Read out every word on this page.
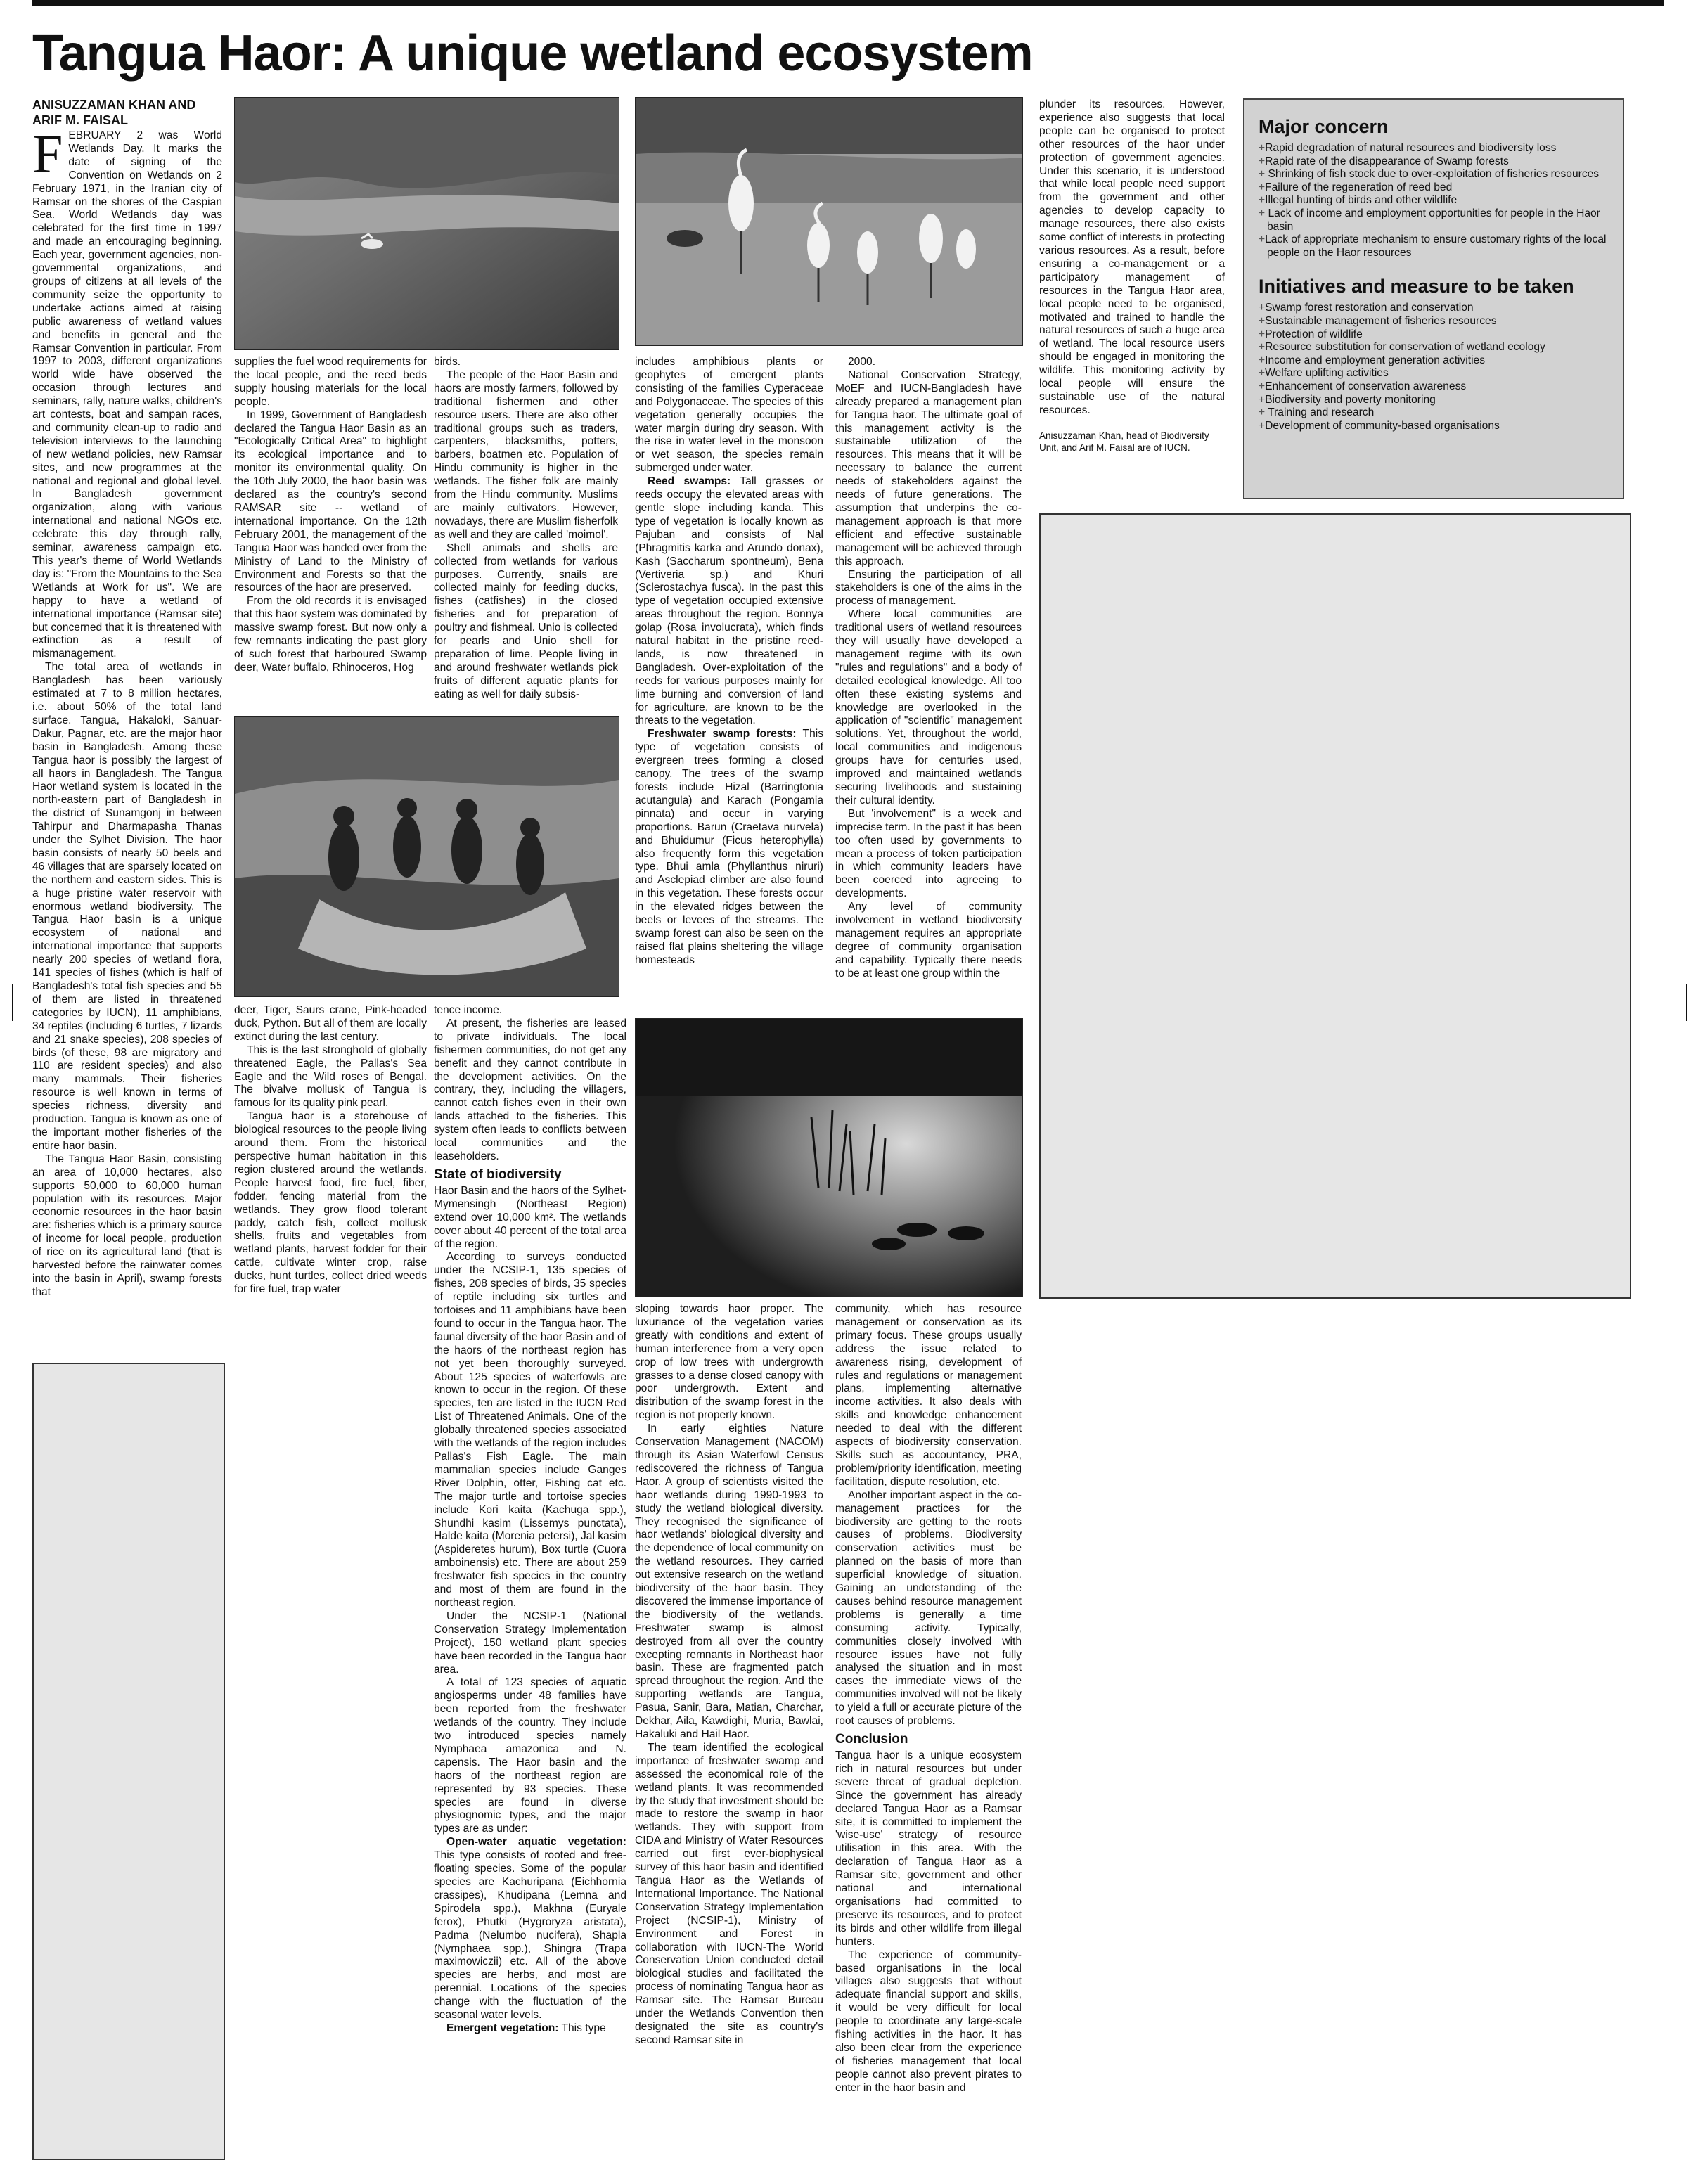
Tangua Haor: A unique wetland ecosystem
ANISUZZAMAN KHAN AND ARIF M. FAISAL	Major concern
+Rapid degradation of natural resources and biodiversity loss
+Rapid rate of the disappearance of Swamp forests
+ Shrinking of fish stock due to over-exploitation of fisheries resources
+Failure of the regeneration of reed bed
+Illegal hunting of birds and other wildlife
+ Lack of income and employment opportunities for people in the Haor basin
+Lack of appropriate mechanism to ensure customary rights of the local people on the Haor resources
Initiatives and measure to be taken
+Swamp forest restoration and conservation
+Sustainable management of fisheries resources
+Protection of wildlife
+Resource substitution for conservation of wetland ecology
+Income and employment generation activities
+Welfare uplifting activities
+Enhancement of conservation awareness
+Biodiversity and poverty monitoring
+ Training and research
+Development of community-based organisations

FEBRUARY 2 was World Wetlands Day. It marks the date of signing of the Convention on Wetlands on 2 February 1971, in the Iranian city of Ramsar on the shores of the Caspian Sea. World Wetlands day was celebrated for the first time in 1997 and made an encouraging beginning. Each year, government agencies, non-governmental organizations, and groups of citizens at all levels of the community seize the opportunity to undertake actions aimed at raising public awareness of wetland values and benefits in general and the Ramsar Convention in particular. From 1997 to 2003, different organizations world wide have observed the occasion through lectures and seminars, rally, nature walks, children's art contests, boat and sampan races, and community clean-up to radio and television interviews to the launching of new wetland policies, new Ramsar sites, and new programmes at the national and regional and global level. In Bangladesh government organization, along with various international and national NGOs etc. celebrate this day through rally, seminar, awareness campaign etc. This year's theme of World Wetlands day is: "From the Mountains to the Sea Wetlands at Work for us". We are happy to have a wetland of international importance (Ramsar site) but concerned that it is threatened with extinction as a result of mismanagement.

The total area of wetlands in Bangladesh has been variously estimated at 7 to 8 million hectares, i.e. about 50% of the total land surface. Tangua, Hakaloki, Sanuar-Dakur, Pagnar, etc. are the major haor basin in Bangladesh. Among these Tangua haor is possibly the largest of all haors in Bangladesh. The Tangua Haor wetland system is located in the north-eastern part of Bangladesh in the district of Sunamgonj in between Tahirpur and Dharmapasha Thanas under the Sylhet Division. The haor basin consists of nearly 50 beels and 46 villages that are sparsely located on the northern and eastern sides. This is a huge pristine water reservoir with enormous wetland biodiversity. The Tangua Haor basin is a unique ecosystem of national and international importance that supports nearly 200 species of wetland flora, 141 species of fishes (which is half of Bangladesh's total fish species and 55 of them are listed in threatened categories by IUCN), 11 amphibians, 34 reptiles (including 6 turtles, 7 lizards and 21 snake species), 208 species of birds (of these, 98 are migratory and 110 are resident species) and also many mammals. Their fisheries resource is well known in terms of species richness, diversity and production. Tangua is known as one of the important mother fisheries of the entire haor basin.

The Tangua Haor Basin, consisting an area of 10,000 hectares, also supports 50,000 to 60,000 human population with its resources. Major economic resources in the haor basin are: fisheries which is a primary source of income for local people, production of rice on its agricultural land (that is harvested before the rainwater comes into the basin in April), swamp forests that

supplies the fuel wood requirements for the local people, and the reed beds supply housing materials for the local people.

In 1999, Government of Bangladesh declared the Tangua Haor Basin as an "Ecologically Critical Area" to highlight its ecological importance and to monitor its environmental quality. On the 10th July 2000, the haor basin was declared as the country's second RAMSAR site -- wetland of international importance. On the 12th February 2001, the management of the Tangua Haor was handed over from the Ministry of Land to the Ministry of Environment and Forests so that the resources of the haor are preserved.

From the old records it is envisaged that this haor system was dominated by massive swamp forest. But now only a few remnants indicating the past glory of such forest that harboured Swamp deer, Water buffalo, Rhinoceros, Hog

deer, Tiger, Saurs crane, Pink-headed duck, Python. But all of them are locally extinct during the last century.

This is the last stronghold of globally threatened Eagle, the Pallas's Sea Eagle and the Wild roses of Bengal. The bivalve mollusk of Tangua is famous for its quality pink pearl.

Tangua haor is a storehouse of biological resources to the people living around them. From the historical perspective human habitation in this region clustered around the wetlands. People harvest food, fire fuel, fiber, fodder, fencing material from the wetlands. They grow flood tolerant paddy, catch fish, collect mollusk shells, fruits and vegetables from wetland plants, harvest fodder for their cattle, cultivate winter crop, raise ducks, hunt turtles, collect dried weeds for fire fuel, trap water

birds.

The people of the Haor Basin and haors are mostly farmers, followed by traditional fishermen and other resource users. There are also other traditional groups such as traders, carpenters, blacksmiths, potters, barbers, boatmen etc. Population of Hindu community is higher in the wetlands. The fisher folk are mainly from the Hindu community. Muslims are mainly cultivators. However, nowadays, there are Muslim fisherfolk as well and they are called 'moimol'.

Shell animals and shells are collected from wetlands for various purposes. Currently, snails are collected mainly for feeding ducks, fishes (catfishes) in the closed fisheries and for preparation of poultry and fishmeal. Unio is collected for pearls and Unio shell for preparation of lime. People living in and around freshwater wetlands pick fruits of different aquatic plants for eating as well for daily subsis-

tence income.

At present, the fisheries are leased to private individuals. The local fishermen communities, do not get any benefit and they cannot contribute in the development activities. On the contrary, they, including the villagers, cannot catch fishes even in their own lands attached to the fisheries. This system often leads to conflicts between local communities and the leaseholders.

State of biodiversity

Haor Basin and the haors of the Sylhet-Mymensingh (Northeast Region) extend over 10,000 km². The wetlands cover about 40 percent of the total area of the region.

According to surveys conducted under the NCSIP-1, 135 species of fishes, 208 species of birds, 35 species of reptile including six turtles and tortoises and 11 amphibians have been found to occur in the Tangua haor. The faunal diversity of the haor Basin and of the haors of the northeast region has not yet been thoroughly surveyed. About 125 species of waterfowls are known to occur in the region. Of these species, ten are listed in the IUCN Red List of Threatened Animals. One of the globally threatened species associated with the wetlands of the region includes Pallas's Fish Eagle. The main mammalian species include Ganges River Dolphin, otter, Fishing cat etc. The major turtle and tortoise species include Kori kaita (Kachuga spp.), Shundhi kasim (Lissemys punctata), Halde kaita (Morenia petersi), Jal kasim (Aspideretes hurum), Box turtle (Cuora amboinensis) etc. There are about 259 freshwater fish species in the country and most of them are found in the northeast region.

Under the NCSIP-1 (National Conservation Strategy Implementation Project), 150 wetland plant species have been recorded in the Tangua haor area.

A total of 123 species of aquatic angiosperms under 48 families have been reported from the freshwater wetlands of the country. They include two introduced species namely Nymphaea amazonica and N. capensis. The Haor basin and the haors of the northeast region are represented by 93 species. These species are found in diverse physiognomic types, and the major types are as under:

Open-water aquatic vegetation: This type consists of rooted and free-floating species. Some of the popular species are Kachuripana (Eichhornia crassipes), Khudipana (Lemna and Spirodela spp.), Makhna (Euryale ferox), Phutki (Hygroryza aristata), Padma (Nelumbo nucifera), Shapla (Nymphaea spp.), Shingra (Trapa maximowiczii) etc. All of the above species are herbs, and most are perennial. Locations of the species change with the fluctuation of the seasonal water levels.

Emergent vegetation: This type

includes amphibious plants or geophytes of emergent plants consisting of the families Cyperaceae and Polygonaceae. The species of this vegetation generally occupies the water margin during dry season. With the rise in water level in the monsoon or wet season, the species remain submerged under water.

Reed swamps: Tall grasses or reeds occupy the elevated areas with gentle slope including kanda. This type of vegetation is locally known as Pajuban and consists of Nal (Phragmitis karka and Arundo donax), Kash (Saccharum spontneum), Bena (Vertiveria sp.) and Khuri (Sclerostachya fusca). In the past this type of vegetation occupied extensive areas throughout the region. Bonnya golap (Rosa involucrata), which finds natural habitat in the pristine reed-lands, is now threatened in Bangladesh. Over-exploitation of the reeds for various purposes mainly for lime burning and conversion of land for agriculture, are known to be the threats to the vegetation.

Freshwater swamp forests: This type of vegetation consists of evergreen trees forming a closed canopy. The trees of the swamp forests include Hizal (Barringtonia acutangula) and Karach (Pongamia pinnata) and occur in varying proportions. Barun (Craetava nurvela) and Bhuidumur (Ficus heterophylla) also frequently form this vegetation type. Bhui amla (Phyllanthus niruri) and Asclepiad climber are also found in this vegetation. These forests occur in the elevated ridges between the beels or levees of the streams. The swamp forest can also be seen on the raised flat plains sheltering the village homesteads

sloping towards haor proper. The luxuriance of the vegetation varies greatly with conditions and extent of human interference from a very open crop of low trees with undergrowth grasses to a dense closed canopy with poor undergrowth. Extent and distribution of the swamp forest in the region is not properly known.

In early eighties Nature Conservation Management (NACOM) through its Asian Waterfowl Census rediscovered the richness of Tangua Haor. A group of scientists visited the haor wetlands during 1990-1993 to study the wetland biological diversity. They recognised the significance of haor wetlands' biological diversity and the dependence of local community on the wetland resources. They carried out extensive research on the wetland biodiversity of the haor basin. They discovered the immense importance of the biodiversity of the wetlands. Freshwater swamp is almost destroyed from all over the country excepting remnants in Northeast haor basin. These are fragmented patch spread throughout the region. And the supporting wetlands are Tangua, Pasua, Sanir, Bara, Matian, Charchar, Dekhar, Aila, Kawdighi, Muria, Bawlai, Hakaluki and Hail Haor.

The team identified the ecological importance of freshwater swamp and assessed the economical role of the wetland plants. It was recommended by the study that investment should be made to restore the swamp in haor wetlands. They with support from CIDA and Ministry of Water Resources carried out first ever-biophysical survey of this haor basin and identified Tangua Haor as the Wetlands of International Importance. The National Conservation Strategy Implementation Project (NCSIP-1), Ministry of Environment and Forest in collaboration with IUCN-The World Conservation Union conducted detail biological studies and facilitated the process of nominating Tangua haor as Ramsar site. The Ramsar Bureau under the Wetlands Convention then designated the site as country's second Ramsar site in

2000.

National Conservation Strategy, MoEF and IUCN-Bangladesh have already prepared a management plan for Tangua haor. The ultimate goal of this management activity is the sustainable utilization of the resources. This means that it will be necessary to balance the current needs of stakeholders against the needs of future generations. The assumption that underpins the co-management approach is that more efficient and effective sustainable management will be achieved through this approach.

Ensuring the participation of all stakeholders is one of the aims in the process of management.

Where local communities are traditional users of wetland resources they will usually have developed a management regime with its own "rules and regulations" and a body of detailed ecological knowledge. All too often these existing systems and knowledge are overlooked in the application of "scientific" management solutions. Yet, throughout the world, local communities and indigenous groups have for centuries used, improved and maintained wetlands securing livelihoods and sustaining their cultural identity.

But 'involvement" is a week and imprecise term. In the past it has been too often used by governments to mean a process of token participation in which community leaders have been coerced into agreeing to developments.

Any level of community involvement in wetland biodiversity management requires an appropriate degree of community organisation and capability. Typically there needs to be at least one group within the

community, which has resource management or conservation as its primary focus. These groups usually address the issue related to awareness rising, development of rules and regulations or management plans, implementing alternative income activities. It also deals with skills and knowledge enhancement needed to deal with the different aspects of biodiversity conservation. Skills such as accountancy, PRA, problem/priority identification, meeting facilitation, dispute resolution, etc.

Another important aspect in the co-management practices for the biodiversity are getting to the roots causes of problems. Biodiversity conservation activities must be planned on the basis of more than superficial knowledge of situation. Gaining an understanding of the causes behind resource management problems is generally a time consuming activity. Typically, communities closely involved with resource issues have not fully analysed the situation and in most cases the immediate views of the communities involved will not be likely to yield a full or accurate picture of the root causes of problems.

Conclusion

Tangua haor is a unique ecosystem rich in natural resources but under severe threat of gradual depletion. Since the government has already declared Tangua Haor as a Ramsar site, it is committed to implement the 'wise-use' strategy of resource utilisation in this area. With the declaration of Tangua Haor as a Ramsar site, government and other national and international organisations had committed to preserve its resources, and to protect its birds and other wildlife from illegal hunters.

The experience of community-based organisations in the local villages also suggests that without adequate financial support and skills, it would be very difficult for local people to coordinate any large-scale fishing activities in the haor. It has also been clear from the experience of fisheries management that local people cannot also prevent pirates to enter in the haor basin and

plunder its resources. However, experience also suggests that local people can be organised to protect other resources of the haor under protection of government agencies. Under this scenario, it is understood that while local people need support from the government and other agencies to develop capacity to manage resources, there also exists some conflict of interests in protecting various resources. As a result, before ensuring a co-management or a participatory management of resources in the Tangua Haor area, local people need to be organised, motivated and trained to handle the natural resources of such a huge area of wetland. The local resource users should be engaged in monitoring the wildlife. This monitoring activity by local people will ensure the sustainable use of the natural resources.

Anisuzzaman Khan, head of Biodiversity Unit, and Arif M. Faisal are of IUCN.
